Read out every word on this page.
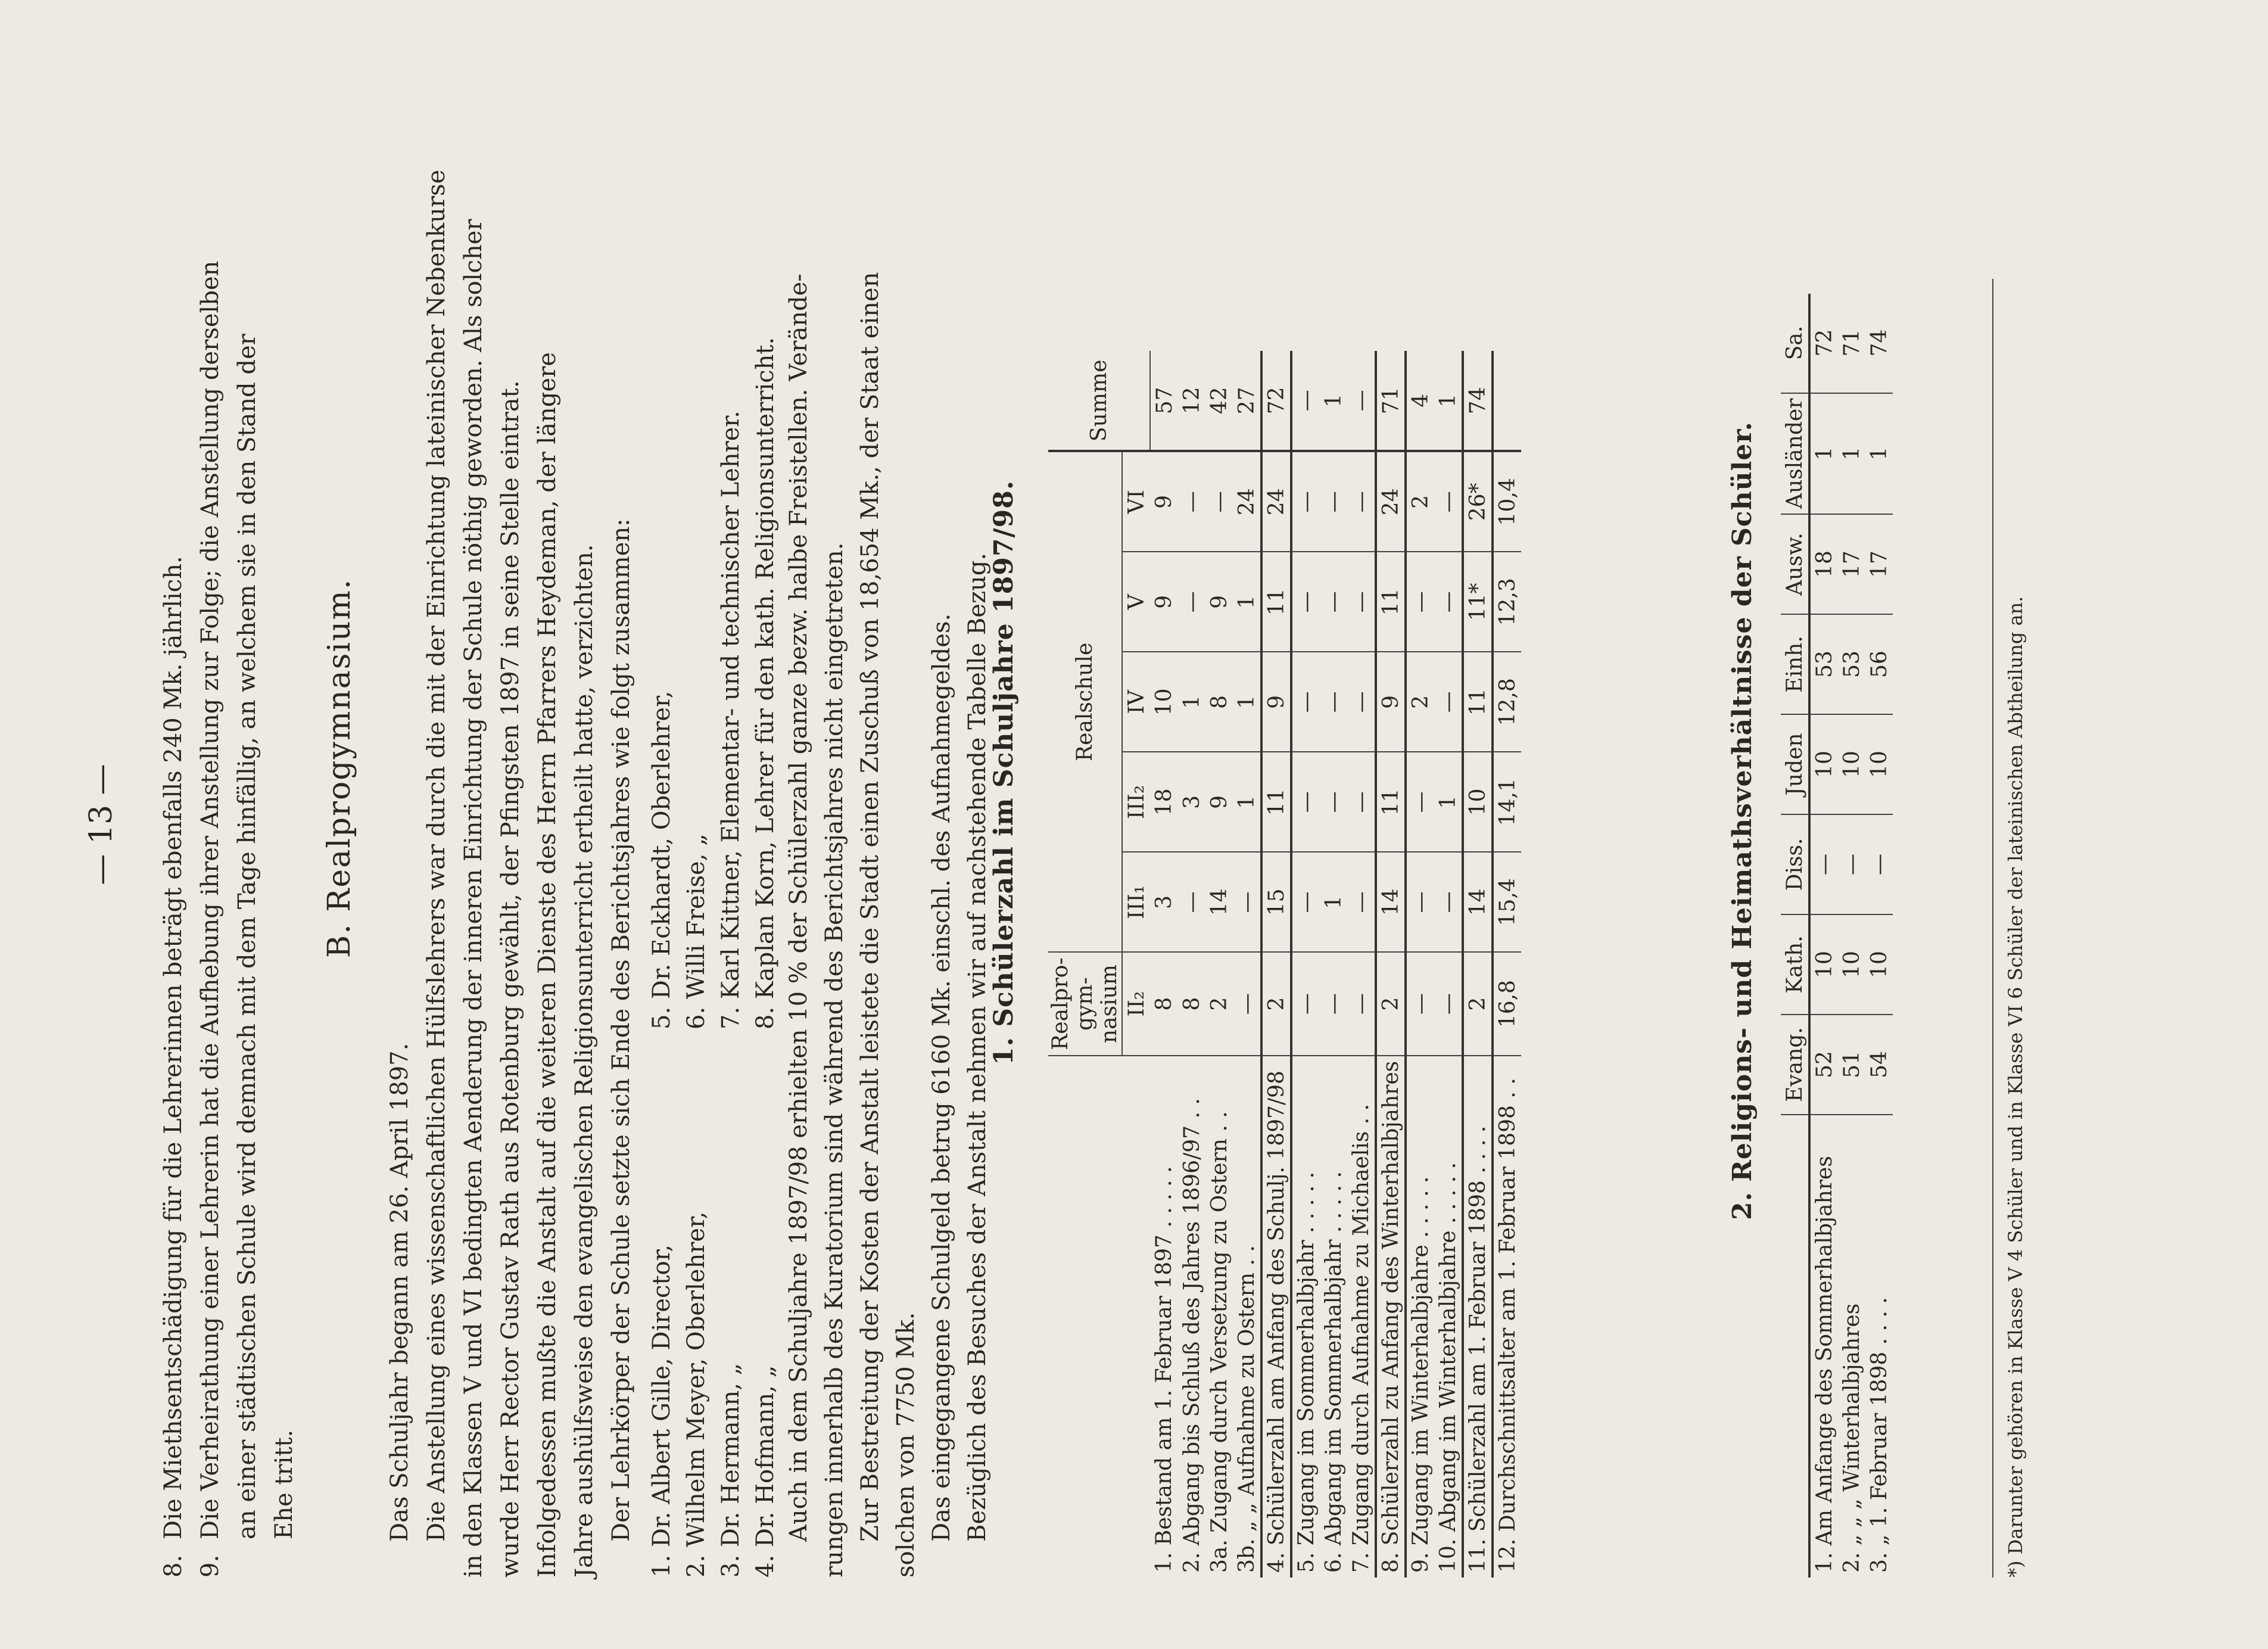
— 13 —
8.Die Miethsentschädigung für die Lehrerinnen beträgt ebenfalls 240 Mk. jährlich.
9.Die Verheirathung einer Lehrerin hat die Aufhebung ihrer Anstellung zur Folge; die Anstellung derselben an einer städtischen Schule wird demnach mit dem Tage hinfällig, an welchem sie in den Stand der Ehe tritt.
B. Realprogymnasium.
Das Schuljahr begann am 26. April 1897. Die Anstellung eines wissenschaftlichen Hülfslehrers war durch die mit der Einrichtung lateinischer Nebenkurse in den Klassen V und VI bedingten Aenderung der inneren Einrichtung der Schule nöthig geworden. Als solcher wurde Herr Rector Gustav Rath aus Rotenburg gewählt, der Pfingsten 1897 in seine Stelle eintrat. Infolgedessen mußte die Anstalt auf die weiteren Dienste des Herrn Pfarrers Heydeman, der längere Jahre aushülfsweise den evangelischen Religionsunterricht ertheilt hatte, verzichten. Der Lehrkörper der Schule setzte sich Ende des Berichtsjahres wie folgt zusammen: 1. Dr. Albert Gille, Director, 2. Wilhelm Meyer, Oberlehrer, 3. Dr. Hermann, „ 4. Dr. Hofmann, „
5. Dr. Eckhardt, Oberlehrer, 6. Willi Freise, „ 7. Karl Kittner, Elementar- und technischer Lehrer. 8. Kaplan Korn, Lehrer für den kath. Religionsunterricht. Auch in dem Schuljahre 1897/98 erhielten 10 % der Schülerzahl ganze bezw. halbe Freistellen. Verände- rungen innerhalb des Kuratorium sind während des Berichtsjahres nicht eingetreten. Zur Bestreitung der Kosten der Anstalt leistete die Stadt einen Zuschuß von 18,654 Mk., der Staat einen solchen von 7750 Mk. Das eingegangene Schulgeld betrug 6160 Mk. einschl. des Aufnahmegeldes. Bezüglich des Besuches der Anstalt nehmen wir auf nachstehende Tabelle Bezug.
1. Schülerzahl im Schuljahre 1897/98.
	Realpro-gym-nasium	Realschule					Summe
	II₂	III₁	III₂	IV	V	VI	
1. Bestand am 1. Februar 1897 . . . . .	8	3	18	10	9	9	57
2. Abgang bis Schluß des Jahres 1896/97 . .	8	—	3	1	—	—	12
3a. Zugang durch Versetzung zu Ostern . .	2	14	9	8	9	—	42
3b. „ „ Aufnahme zu Ostern . .	—	—	1	1	1	24	27
4. Schülerzahl am Anfang des Schulj. 1897/98	2	15	11	9	11	24	72
5. Zugang im Sommerhalbjahr . . . . .	—	—	—	—	—	—	—
6. Abgang im Sommerhalbjahr . . . . .	—	1	—	—	—	—	1
7. Zugang durch Aufnahme zu Michaelis . .	—	—	—	—	—	—	—
8. Schülerzahl zu Anfang des Winterhalbjahres	2	14	11	9	11	24	71
9. Zugang im Winterhalbjahre . . . . .	—	—	—	2	—	2	4
10. Abgang im Winterhalbjahre . . . . .	—	—	1	—	—	—	1
11. Schülerzahl am 1. Februar 1898 . . . .	2	14	10	11	11*	26*	74
12. Durchschnittsalter am 1. Februar 1898 . .	16,8	15,4	14,1	12,8	12,3	10,4		2. Religions- und Heimathsverhältnisse der Schüler.
	Evang.	Kath.	Diss.	Juden	Einh.	Ausw.	Ausländer	Sa.
1. Am Anfange des Sommerhalbjahres	52	10	—	10	53	18	1	72
2. „ „ „ Winterhalbjahres	51	10	—	10	53	17	1	71
3. „ 1. Februar 1898 . . . .	54	10	—	10	56	17	1	74
*) Darunter gehören in Klasse V 4 Schüler und in Klasse VI 6 Schüler der lateinischen Abtheilung an.
